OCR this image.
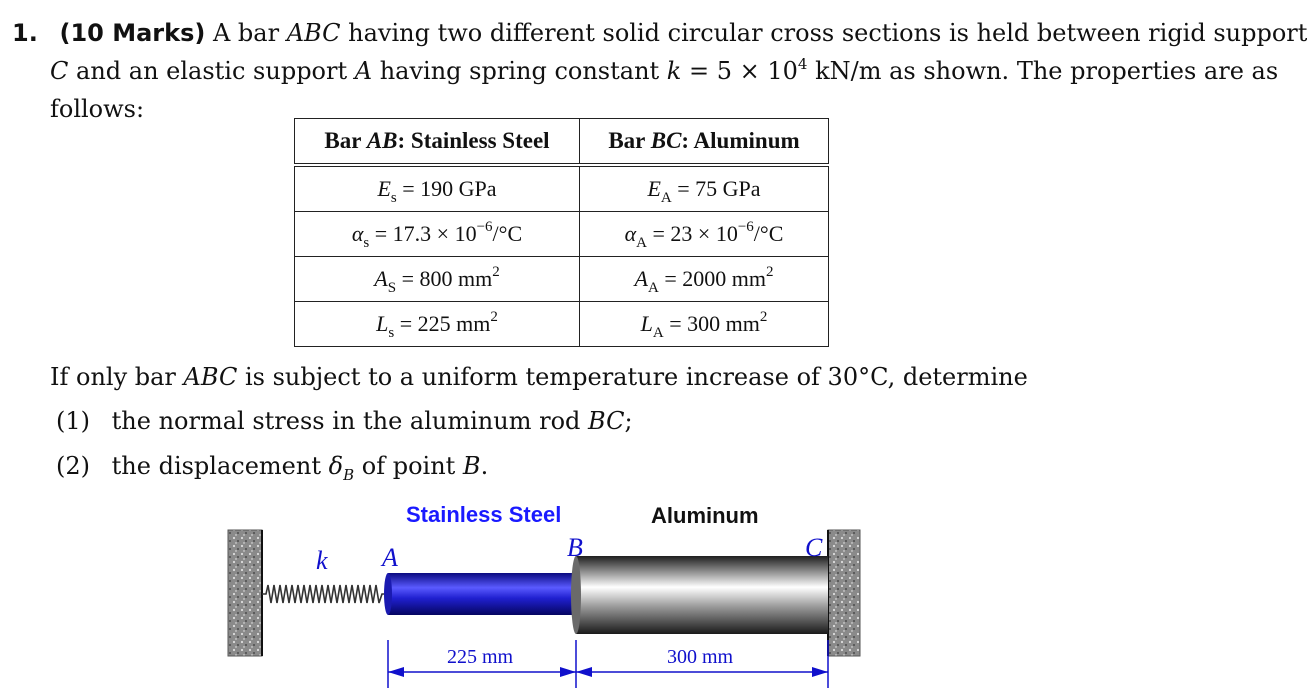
1. (10 Marks) A bar ABC having two different solid circular cross sections is held between rigid support
C and an elastic support A having spring constant $k = 5 \times 10^4$ kN/m as shown. The properties are as
follows:
Bar AB: Stainless Steel	Bar BC: Aluminum

$E_s = 190$ GPa	$E_A = 75$ GPa
$\alpha_s = 17.3 \times 10^{-6}/^\circ C$	$\alpha_A = 23 \times 10^{-6}/^\circ C$
$A_S = 800$ $mm^2$	$A_A = 2000$ $mm^2$
$L_s = 225$ $mm^2$	$L_A = 300$ $mm^2$
If only bar ABC is subject to a uniform temperature increase of 30°C, determine
(1) the normal stress in the aluminum rod BC;
(2) the displacement $\delta_B$ of point B.
Stainless Steel	Aluminum
k A	B	C
225 mm	300 mm
